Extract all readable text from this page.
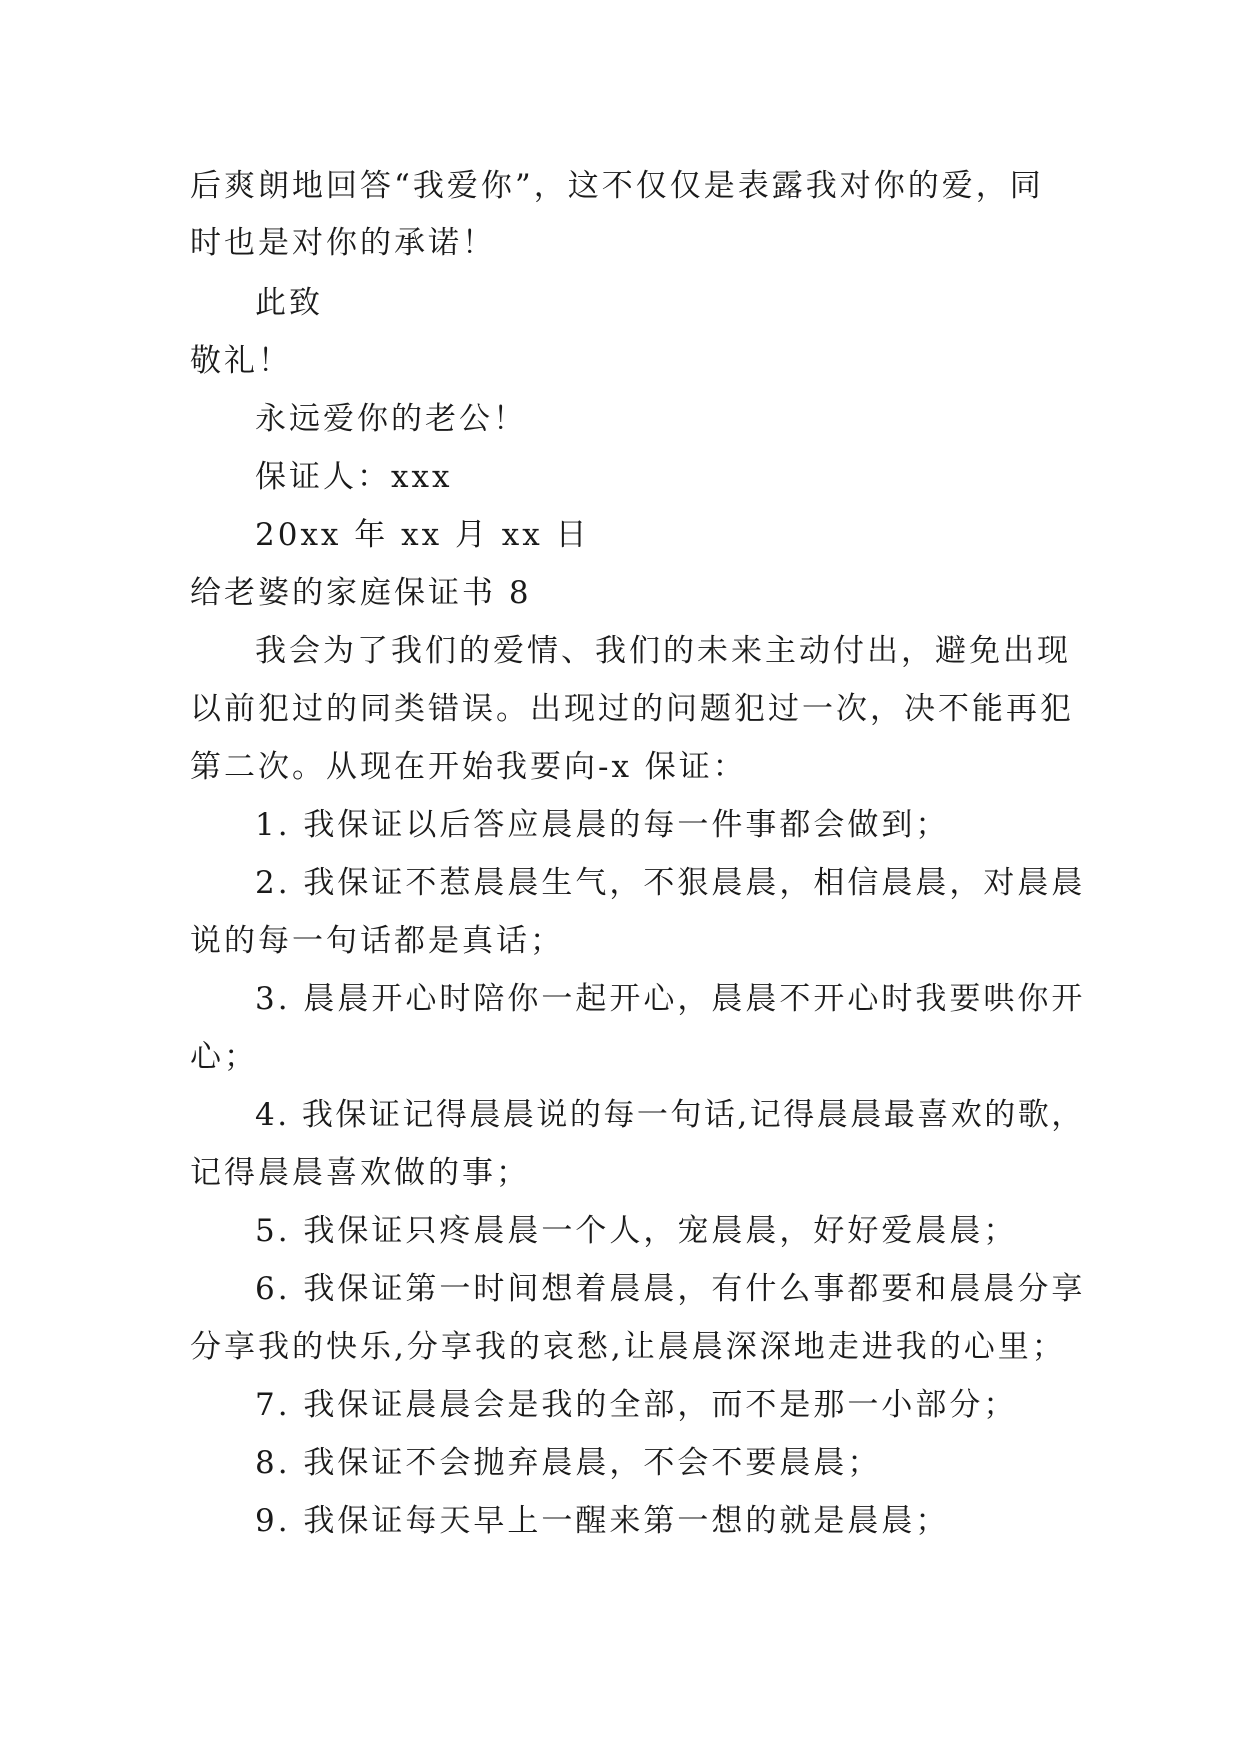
后爽朗地回答“我爱你”，这不仅仅是表露我对你的爱，同
时也是对你的承诺！
此致
敬礼！
永远爱你的老公！
保证人：xxx
20xx 年 xx 月 xx 日
给老婆的家庭保证书 8
我会为了我们的爱情、我们的未来主动付出，避免出现
以前犯过的同类错误。出现过的问题犯过一次，决不能再犯
第二次。从现在开始我要向-x 保证：
1. 我保证以后答应晨晨的每一件事都会做到；
2. 我保证不惹晨晨生气，不狠晨晨，相信晨晨，对晨晨
说的每一句话都是真话；
3. 晨晨开心时陪你一起开心，晨晨不开心时我要哄你开
心；
4. 我保证记得晨晨说的每一句话,记得晨晨最喜欢的歌，
记得晨晨喜欢做的事；
5. 我保证只疼晨晨一个人，宠晨晨，好好爱晨晨；
6. 我保证第一时间想着晨晨，有什么事都要和晨晨分享
分享我的快乐,分享我的哀愁,让晨晨深深地走进我的心里；
7. 我保证晨晨会是我的全部，而不是那一小部分；
8. 我保证不会抛弃晨晨，不会不要晨晨；
9. 我保证每天早上一醒来第一想的就是晨晨；
